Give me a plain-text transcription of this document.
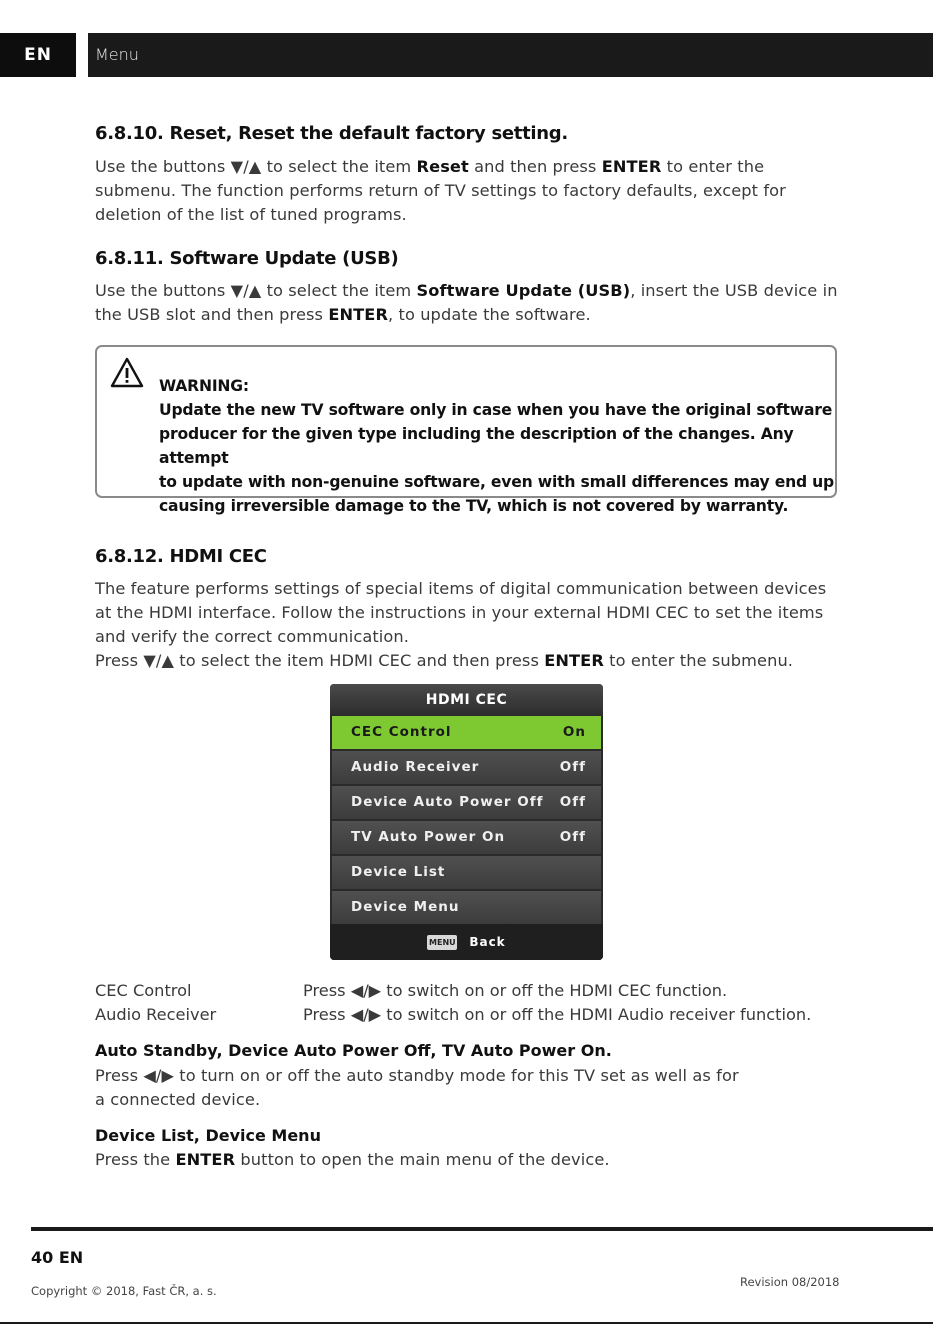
EN	Menu
6.8.10. Reset, Reset the default factory setting.
Use the buttons ▼/▲ to select the item Reset and then press ENTER to enter the
submenu. The function performs return of TV settings to factory defaults, except for
deletion of the list of tuned programs.
6.8.11. Software Update (USB)
Use the buttons ▼/▲ to select the item Software Update (USB), insert the USB device in
the USB slot and then press ENTER, to update the software.
WARNING:
Update the new TV software only in case when you have the original software
producer for the given type including the description of the changes. Any attempt
to update with non-genuine software, even with small differences may end up
causing irreversible damage to the TV, which is not covered by warranty.
6.8.12. HDMI CEC
The feature performs settings of special items of digital communication between devices
at the HDMI interface. Follow the instructions in your external HDMI CEC to set the items
and verify the correct communication.
Press ▼/▲ to select the item HDMI CEC and then press ENTER to enter the submenu.
HDMI CEC
CEC Control	On
Audio Receiver	Off
Device Auto Power Off Off
TV Auto Power On	Off
Device List
Device Menu
MENU Back
CEC Control	Press ◀/▶ to switch on or off the HDMI CEC function.
Audio Receiver	Press ◀/▶ to switch on or off the HDMI Audio receiver function.
Auto Standby, Device Auto Power Off, TV Auto Power On.
Press ◀/▶ to turn on or off the auto standby mode for this TV set as well as for
a connected device.
Device List, Device Menu
Press the ENTER button to open the main menu of the device.
40 EN
Copyright © 2018, Fast ČR, a. s.
Revision 08/2018
